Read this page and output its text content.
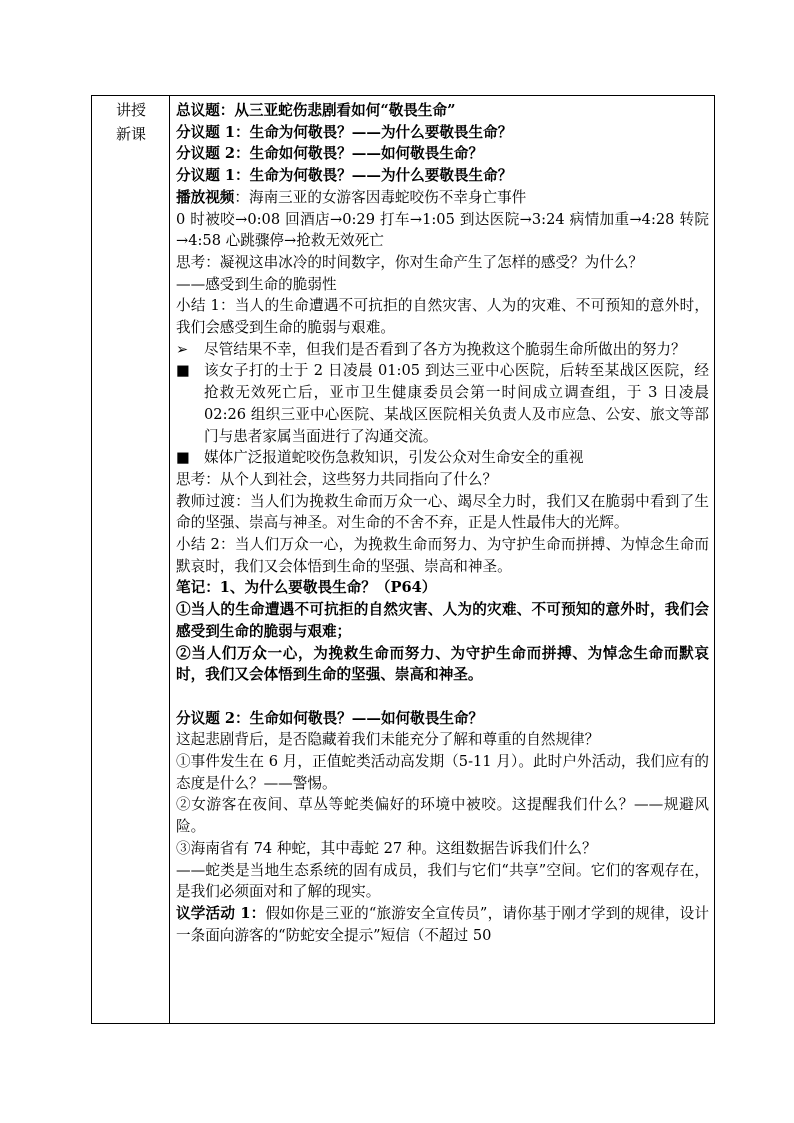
讲授
新课
总议题：从三亚蛇伤悲剧看如何“敬畏生命”
分议题 1：生命为何敬畏？——为什么要敬畏生命？
分议题 2：生命如何敬畏？——如何敬畏生命？
分议题 1：生命为何敬畏？——为什么要敬畏生命？
播放视频：海南三亚的女游客因毒蛇咬伤不幸身亡事件
0 时被咬→0:08 回酒店→0:29 打车→1:05 到达医院→3:24 病情加重→4:28 转院→4:58 心跳骤停→抢救无效死亡
思考：凝视这串冰冷的时间数字，你对生命产生了怎样的感受？为什么？
——感受到生命的脆弱性
小结 1：当人的生命遭遇不可抗拒的自然灾害、人为的灾难、不可预知的意外时，我们会感受到生命的脆弱与艰难。
➢	尽管结果不幸，但我们是否看到了各方为挽救这个脆弱生命所做出的努力？
■ 该女子打的士于 2 日凌晨 01:05 到达三亚中心医院，后转至某战区医院，经抢救无效死亡后，亚市卫生健康委员会第一时间成立调查组，于 3 日凌晨 02:26 组织三亚中心医院、某战区医院相关负责人及市应急、公安、旅文等部门与患者家属当面进行了沟通交流。
■ 媒体广泛报道蛇咬伤急救知识，引发公众对生命安全的重视
思考：从个人到社会，这些努力共同指向了什么？
教师过渡：当人们为挽救生命而万众一心、竭尽全力时，我们又在脆弱中看到了生命的坚强、崇高与神圣。对生命的不舍不弃，正是人性最伟大的光辉。
小结 2：当人们万众一心，为挽救生命而努力、为守护生命而拼搏、为悼念生命而默哀时，我们又会体悟到生命的坚强、崇高和神圣。
笔记：1、为什么要敬畏生命？（P64）
①当人的生命遭遇不可抗拒的自然灾害、人为的灾难、不可预知的意外时，我们会感受到生命的脆弱与艰难；
②当人们万众一心，为挽救生命而努力、为守护生命而拼搏、为悼念生命而默哀时，我们又会体悟到生命的坚强、崇高和神圣。
分议题 2：生命如何敬畏？——如何敬畏生命？
这起悲剧背后，是否隐藏着我们未能充分了解和尊重的自然规律？
①事件发生在 6 月，正值蛇类活动高发期（5-11 月）。此时户外活动，我们应有的态度是什么？——警惕。
②女游客在夜间、草丛等蛇类偏好的环境中被咬。这提醒我们什么？——规避风险。
③海南省有 74 种蛇，其中毒蛇 27 种。这组数据告诉我们什么？
——蛇类是当地生态系统的固有成员，我们与它们“共享”空间。它们的客观存在，是我们必须面对和了解的现实。
议学活动 1：假如你是三亚的“旅游安全宣传员”，请你基于刚才学到的规律，设计一条面向游客的“防蛇安全提示”短信（不超过 50
